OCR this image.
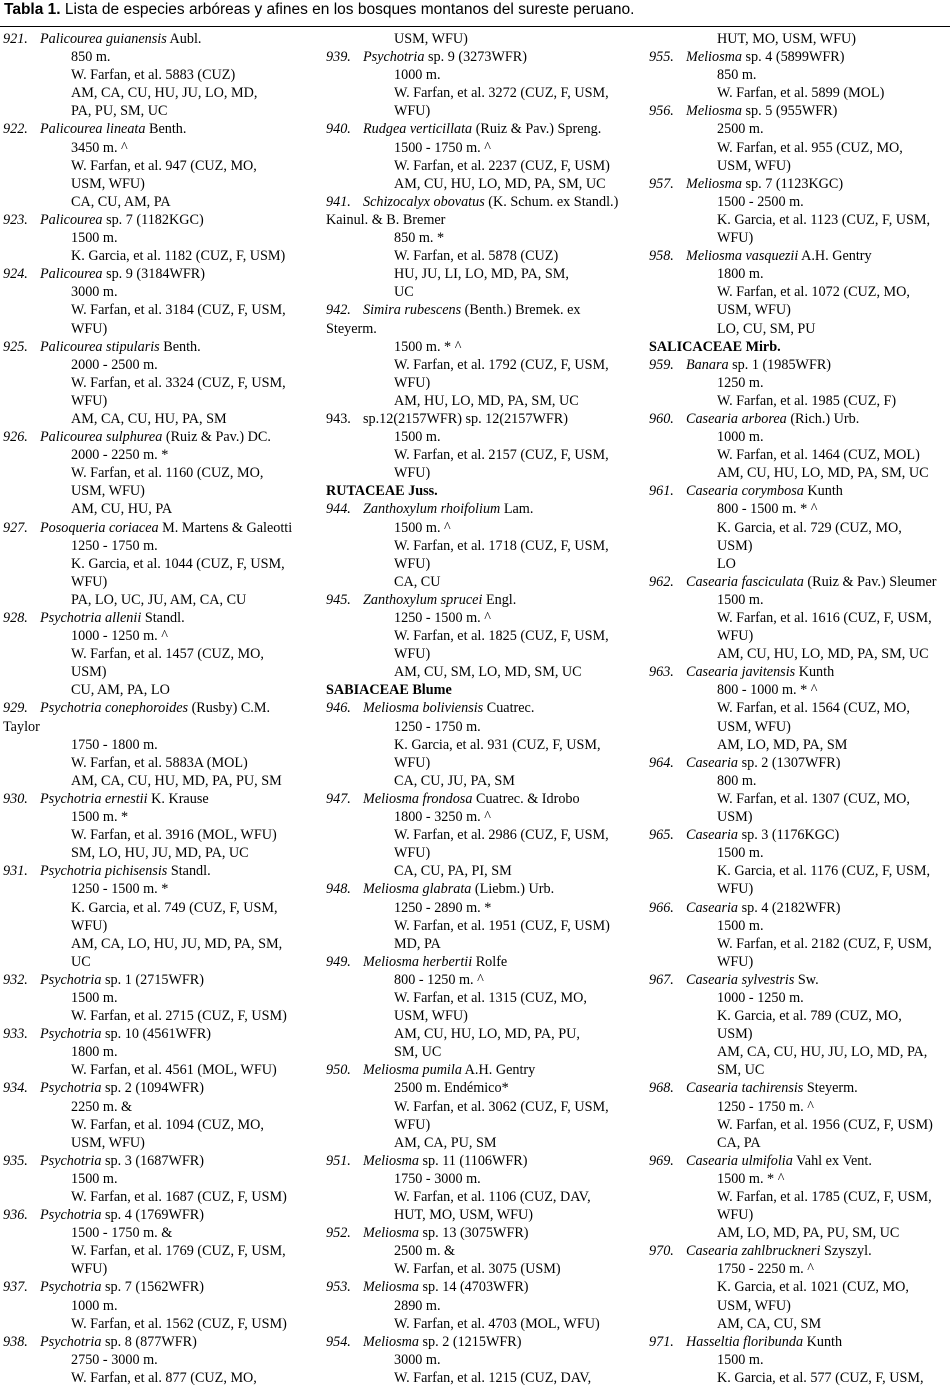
Tabla 1. Lista de especies arbóreas y afines en los bosques montanos del sureste peruano.
921. Palicourea guianensis Aubl.
850 m.
W. Farfan, et al. 5883 (CUZ)
AM, CA, CU, HU, JU, LO, MD,
PA, PU, SM, UC
922. Palicourea lineata Benth.
3450 m. ^
W. Farfan, et al. 947 (CUZ, MO,
USM, WFU)
CA, CU, AM, PA
923. Palicourea sp. 7 (1182KGC)
1500 m.
K. Garcia, et al. 1182 (CUZ, F, USM)
924. Palicourea sp. 9 (3184WFR)
3000 m.
W. Farfan, et al. 3184 (CUZ, F, USM,
WFU)
925. Palicourea stipularis Benth.
2000 - 2500 m.
W. Farfan, et al. 3324 (CUZ, F, USM,
WFU)
AM, CA, CU, HU, PA, SM
926. Palicourea sulphurea (Ruiz & Pav.) DC.
2000 - 2250 m. *
W. Farfan, et al. 1160 (CUZ, MO,
USM, WFU)
AM, CU, HU, PA
927. Posoqueria coriacea M. Martens & Galeotti
1250 - 1750 m.
K. Garcia, et al. 1044 (CUZ, F, USM,
WFU)
PA, LO, UC, JU, AM, CA, CU
928. Psychotria allenii Standl.
1000 - 1250 m. ^
W. Farfan, et al. 1457 (CUZ, MO,
USM)
CU, AM, PA, LO
929. Psychotria conephoroides (Rusby) C.M.
Taylor
1750 - 1800 m.
W. Farfan, et al. 5883A (MOL)
AM, CA, CU, HU, MD, PA, PU, SM
930. Psychotria ernestii K. Krause
1500 m. *
W. Farfan, et al. 3916 (MOL, WFU)
SM, LO, HU, JU, MD, PA, UC
931. Psychotria pichisensis Standl.
1250 - 1500 m. *
K. Garcia, et al. 749 (CUZ, F, USM,
WFU)
AM, CA, LO, HU, JU, MD, PA, SM,
UC
932. Psychotria sp. 1 (2715WFR)
1500 m.
W. Farfan, et al. 2715 (CUZ, F, USM)
933. Psychotria sp. 10 (4561WFR)
1800 m.
W. Farfan, et al. 4561 (MOL, WFU)
934. Psychotria sp. 2 (1094WFR)
2250 m. &
W. Farfan, et al. 1094 (CUZ, MO,
USM, WFU)
935. Psychotria sp. 3 (1687WFR)
1500 m.
W. Farfan, et al. 1687 (CUZ, F, USM)
936. Psychotria sp. 4 (1769WFR)
1500 - 1750 m. &
W. Farfan, et al. 1769 (CUZ, F, USM,
WFU)
937. Psychotria sp. 7 (1562WFR)
1000 m.
W. Farfan, et al. 1562 (CUZ, F, USM)
938. Psychotria sp. 8 (877WFR)
2750 - 3000 m.
W. Farfan, et al. 877 (CUZ, MO,
USM, WFU)
939. Psychotria sp. 9 (3273WFR)
1000 m.
W. Farfan, et al. 3272 (CUZ, F, USM,
WFU)
940. Rudgea verticillata (Ruiz & Pav.) Spreng.
1500 - 1750 m. ^
W. Farfan, et al. 2237 (CUZ, F, USM)
AM, CU, HU, LO, MD, PA, SM, UC
941. Schizocalyx obovatus (K. Schum. ex Standl.)
Kainul. & B. Bremer
850 m. *
W. Farfan, et al. 5878 (CUZ)
HU, JU, LI, LO, MD, PA, SM,
UC
942. Simira rubescens (Benth.) Bremek. ex
Steyerm.
1500 m. * ^
W. Farfan, et al. 1792 (CUZ, F, USM,
WFU)
AM, HU, LO, MD, PA, SM, UC
943. sp.12(2157WFR) sp. 12(2157WFR)
1500 m.
W. Farfan, et al. 2157 (CUZ, F, USM,
WFU)
RUTACEAE Juss.
944. Zanthoxylum rhoifolium Lam.
1500 m. ^
W. Farfan, et al. 1718 (CUZ, F, USM,
WFU)
CA, CU
945. Zanthoxylum sprucei Engl.
1250 - 1500 m. ^
W. Farfan, et al. 1825 (CUZ, F, USM,
WFU)
AM, CU, SM, LO, MD, SM, UC
SABIACEAE Blume
946. Meliosma boliviensis Cuatrec.
1250 - 1750 m.
K. Garcia, et al. 931 (CUZ, F, USM,
WFU)
CA, CU, JU, PA, SM
947. Meliosma frondosa Cuatrec. & Idrobo
1800 - 3250 m. ^
W. Farfan, et al. 2986 (CUZ, F, USM,
WFU)
CA, CU, PA, PI, SM
948. Meliosma glabrata (Liebm.) Urb.
1250 - 2890 m. *
W. Farfan, et al. 1951 (CUZ, F, USM)
MD, PA
949. Meliosma herbertii Rolfe
800 - 1250 m. ^
W. Farfan, et al. 1315 (CUZ, MO,
USM, WFU)
AM, CU, HU, LO, MD, PA, PU,
SM, UC
950. Meliosma pumila A.H. Gentry
2500 m. Endémico*
W. Farfan, et al. 3062 (CUZ, F, USM,
WFU)
AM, CA, PU, SM
951. Meliosma sp. 11 (1106WFR)
1750 - 3000 m.
W. Farfan, et al. 1106 (CUZ, DAV,
HUT, MO, USM, WFU)
952. Meliosma sp. 13 (3075WFR)
2500 m. &
W. Farfan, et al. 3075 (USM)
953. Meliosma sp. 14 (4703WFR)
2890 m.
W. Farfan, et al. 4703 (MOL, WFU)
954. Meliosma sp. 2 (1215WFR)
3000 m.
W. Farfan, et al. 1215 (CUZ, DAV,
HUT, MO, USM, WFU)
955. Meliosma sp. 4 (5899WFR)
850 m.
W. Farfan, et al. 5899 (MOL)
956. Meliosma sp. 5 (955WFR)
2500 m.
W. Farfan, et al. 955 (CUZ, MO,
USM, WFU)
957. Meliosma sp. 7 (1123KGC)
1500 - 2500 m.
K. Garcia, et al. 1123 (CUZ, F, USM,
WFU)
958. Meliosma vasquezii A.H. Gentry
1800 m.
W. Farfan, et al. 1072 (CUZ, MO,
USM, WFU)
LO, CU, SM, PU
SALICACEAE Mirb.
959. Banara sp. 1 (1985WFR)
1250 m.
W. Farfan, et al. 1985 (CUZ, F)
960. Casearia arborea (Rich.) Urb.
1000 m.
W. Farfan, et al. 1464 (CUZ, MOL)
AM, CU, HU, LO, MD, PA, SM, UC
961. Casearia corymbosa Kunth
800 - 1500 m. * ^
K. Garcia, et al. 729 (CUZ, MO,
USM)
LO
962. Casearia fasciculata (Ruiz & Pav.) Sleumer
1500 m.
W. Farfan, et al. 1616 (CUZ, F, USM,
WFU)
AM, CU, HU, LO, MD, PA, SM, UC
963. Casearia javitensis Kunth
800 - 1000 m. * ^
W. Farfan, et al. 1564 (CUZ, MO,
USM, WFU)
AM, LO, MD, PA, SM
964. Casearia sp. 2 (1307WFR)
800 m.
W. Farfan, et al. 1307 (CUZ, MO,
USM)
965. Casearia sp. 3 (1176KGC)
1500 m.
K. Garcia, et al. 1176 (CUZ, F, USM,
WFU)
966. Casearia sp. 4 (2182WFR)
1500 m.
W. Farfan, et al. 2182 (CUZ, F, USM,
WFU)
967. Casearia sylvestris Sw.
1000 - 1250 m.
K. Garcia, et al. 789 (CUZ, MO,
USM)
AM, CA, CU, HU, JU, LO, MD, PA,
SM, UC
968. Casearia tachirensis Steyerm.
1250 - 1750 m. ^
W. Farfan, et al. 1956 (CUZ, F, USM)
CA, PA
969. Casearia ulmifolia Vahl ex Vent.
1500 m. * ^
W. Farfan, et al. 1785 (CUZ, F, USM,
WFU)
AM, LO, MD, PA, PU, SM, UC
970. Casearia zahlbruckneri Szyszyl.
1750 - 2250 m. ^
K. Garcia, et al. 1021 (CUZ, MO,
USM, WFU)
AM, CA, CU, SM
971. Hasseltia floribunda Kunth
1500 m.
K. Garcia, et al. 577 (CUZ, F, USM,
